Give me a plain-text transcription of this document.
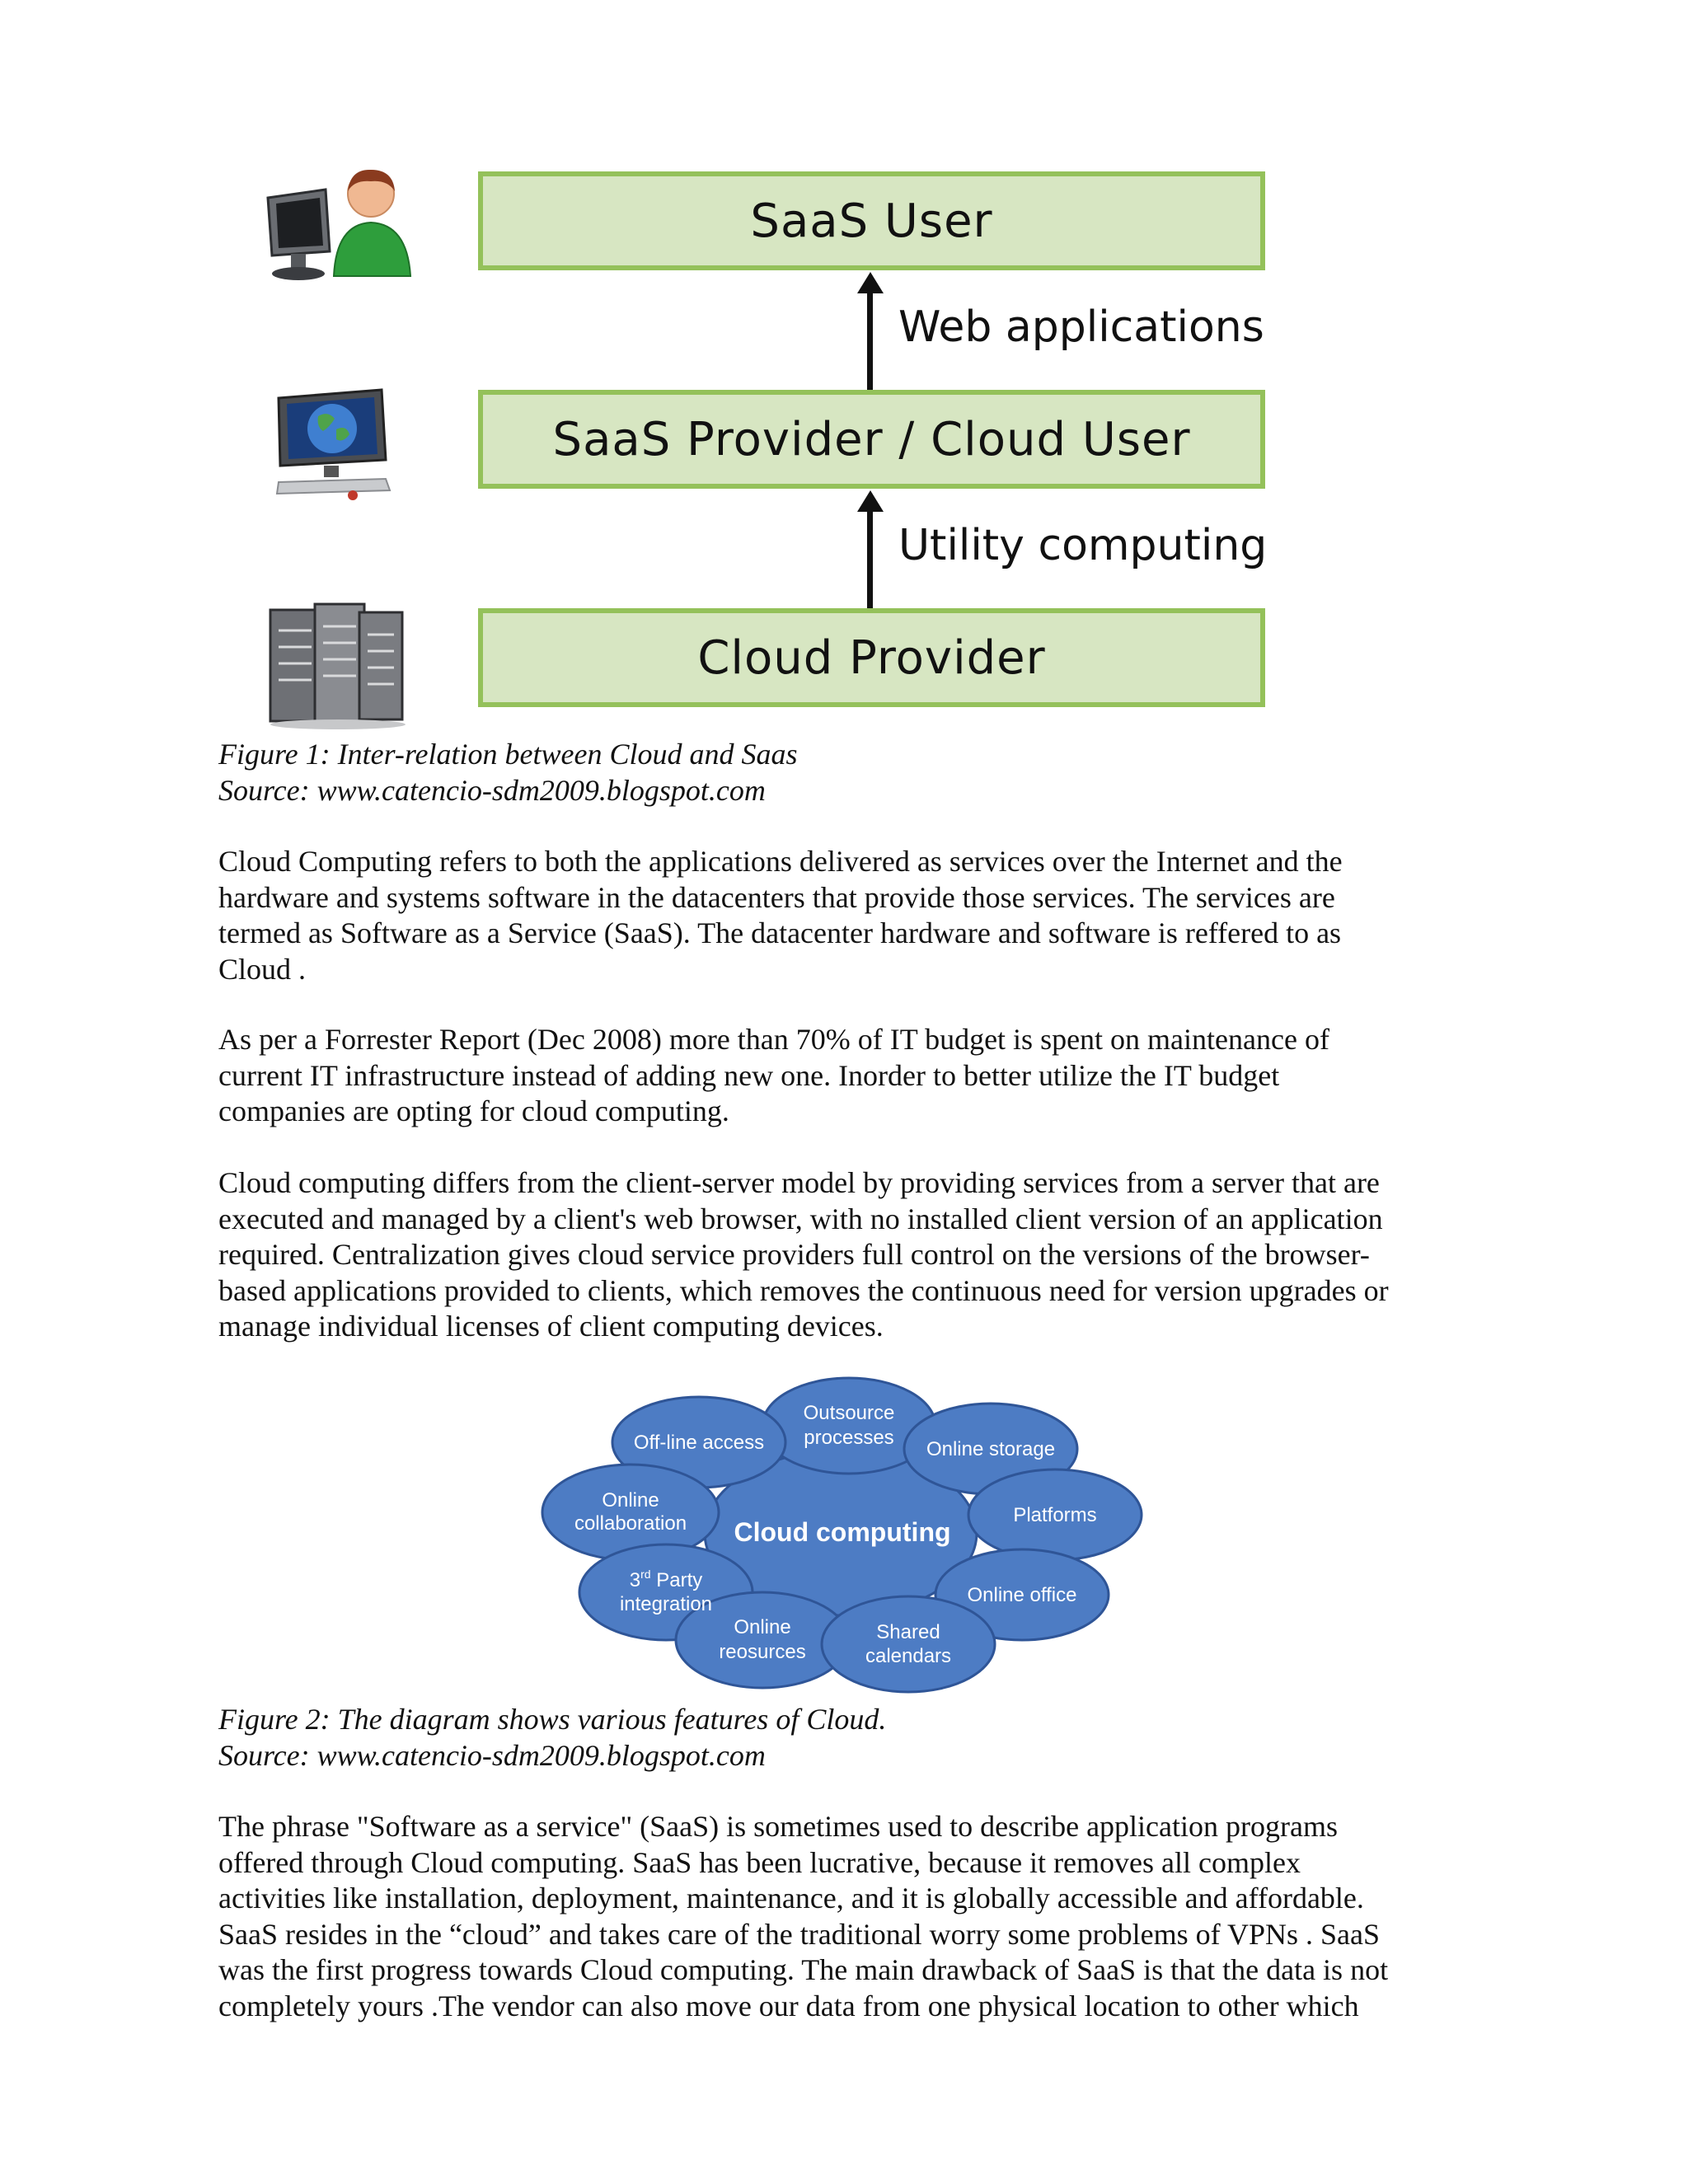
SaaS User
SaaS Provider / Cloud User
Cloud Provider
Web applications
Utility computing
Figure 1: Inter-relation between Cloud and Saas
Source: www.catencio-sdm2009.blogspot.com
Cloud Computing refers to both the applications delivered as services over the Internet and the
hardware and systems software in the datacenters that provide those services. The services are
termed as Software as a Service (SaaS). The datacenter hardware and software is reffered to as
Cloud .
As per a Forrester Report (Dec 2008) more than 70% of IT budget is spent on maintenance of
current IT infrastructure instead of adding new one. Inorder to better utilize the IT budget
companies are opting for cloud computing.
Cloud computing differs from the client-server model by providing services from a server that are
executed and managed by a client's web browser, with no installed client version of an application
required. Centralization gives cloud service providers full control on the versions of the browser-
based applications provided to clients, which removes the continuous need for version upgrades or
manage individual licenses of client computing devices.
Cloud computing
Outsource
processes
Off-line access	Online storage
Online
collaboration	Platforms
3rd Party
integration	Online office
Online
reosurces
Shared
calendars
Figure 2: The diagram shows various features of Cloud.
Source: www.catencio-sdm2009.blogspot.com
The phrase "Software as a service" (SaaS) is sometimes used to describe application programs
offered through Cloud computing. SaaS has been lucrative, because it removes all complex
activities like installation, deployment, maintenance, and it is globally accessible and affordable.
SaaS resides in the “cloud” and takes care of the traditional worry some problems of VPNs . SaaS
was the first progress towards Cloud computing. The main drawback of SaaS is that the data is not
completely yours .The vendor can also move our data from one physical location to other which
